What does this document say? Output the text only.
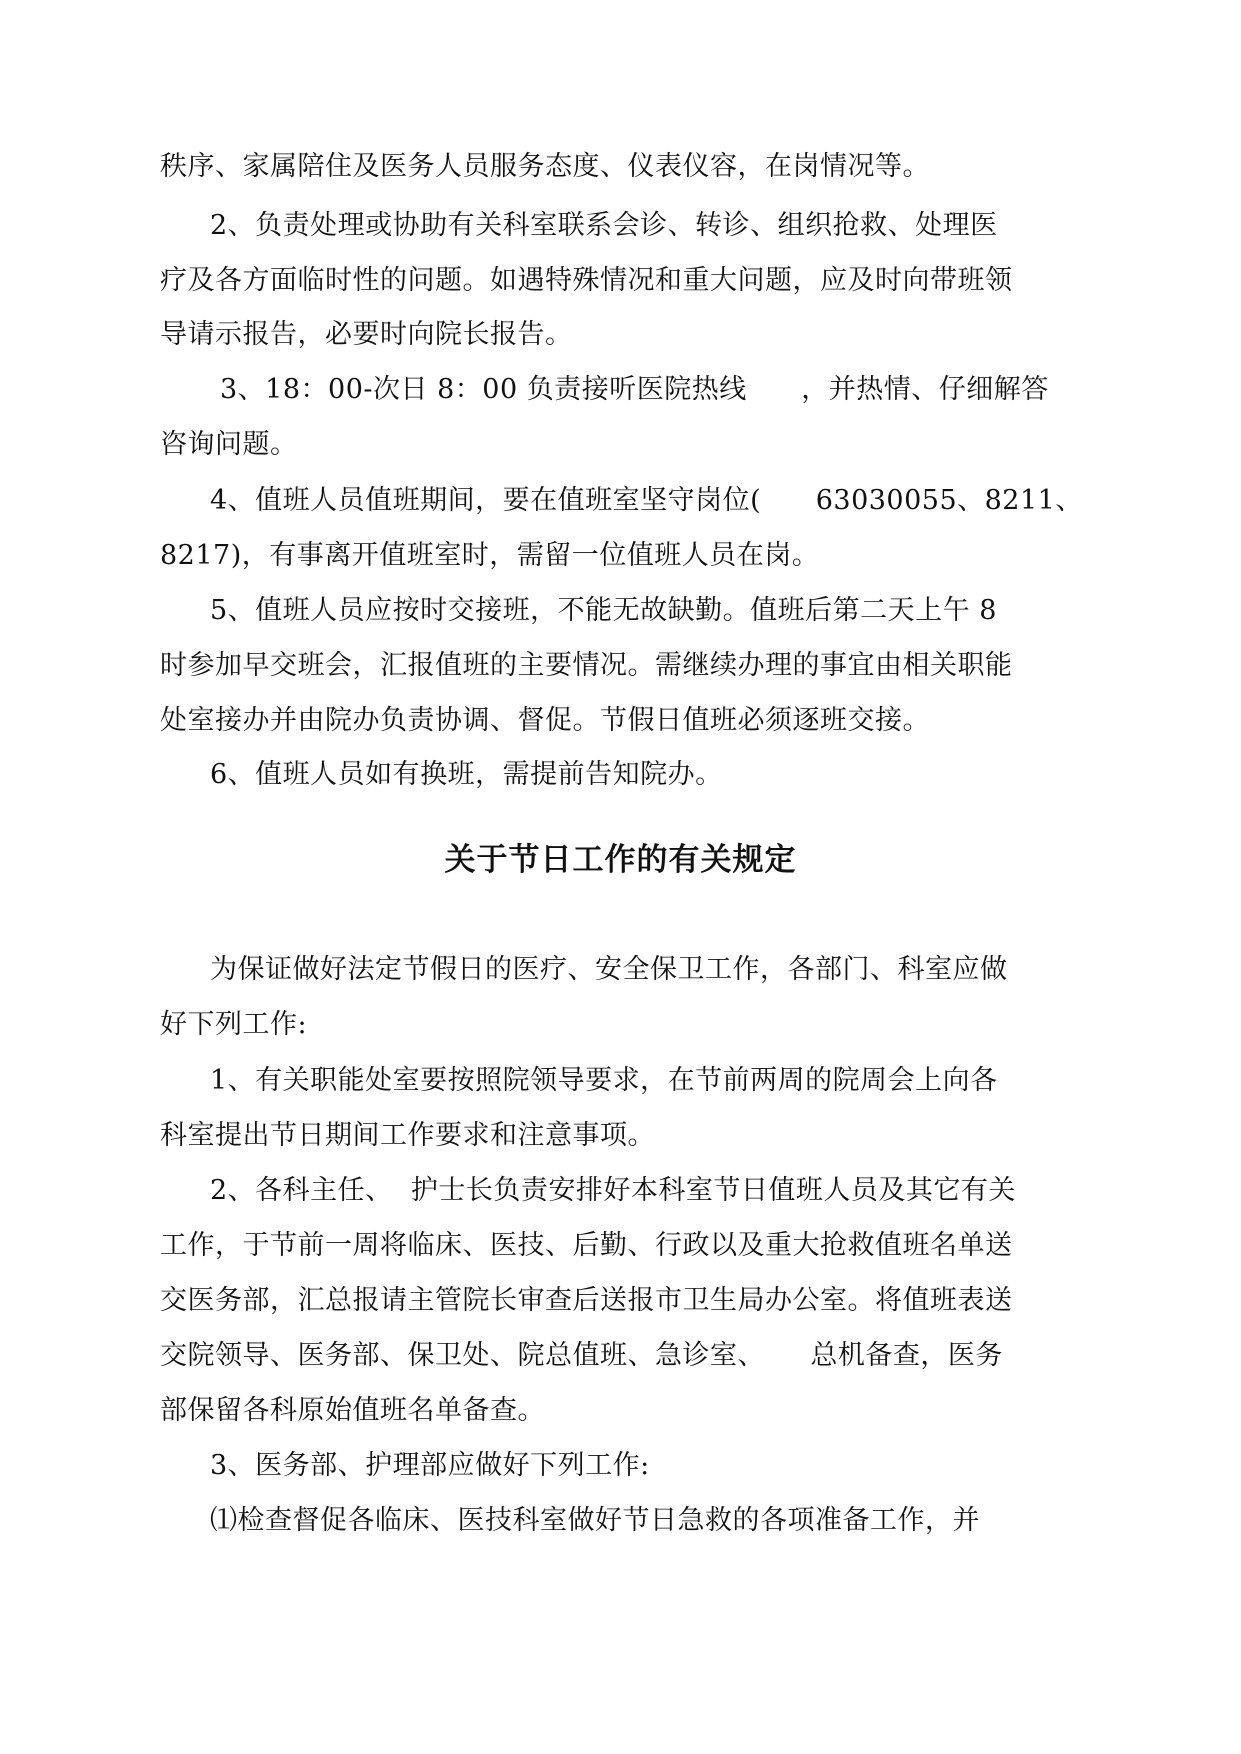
秩序、家属陪住及医务人员服务态度、仪表仪容，在岗情况等。
2、负责处理或协助有关科室联系会诊、转诊、组织抢救、处理医
疗及各方面临时性的问题。如遇特殊情况和重大问题，应及时向带班领
导请示报告，必要时向院长报告。
3、18：00-次日 8：00 负责接听医院热线      ，并热情、仔细解答
咨询问题。
4、值班人员值班期间，要在值班室坚守岗位(      63030055、8211、
8217)，有事离开值班室时，需留一位值班人员在岗。
5、值班人员应按时交接班，不能无故缺勤。值班后第二天上午 8
时参加早交班会，汇报值班的主要情况。需继续办理的事宜由相关职能
处室接办并由院办负责协调、督促。节假日值班必须逐班交接。
6、值班人员如有换班，需提前告知院办。
关于节日工作的有关规定
为保证做好法定节假日的医疗、安全保卫工作，各部门、科室应做
好下列工作:
1、有关职能处室要按照院领导要求，在节前两周的院周会上向各
科室提出节日期间工作要求和注意事项。
2、各科主任、  护士长负责安排好本科室节日值班人员及其它有关
工作，于节前一周将临床、医技、后勤、行政以及重大抢救值班名单送
交医务部，汇总报请主管院长审查后送报市卫生局办公室。将值班表送
交院领导、医务部、保卫处、院总值班、急诊室、     总机备查，医务
部保留各科原始值班名单备查。
3、医务部、护理部应做好下列工作:
⑴检查督促各临床、医技科室做好节日急救的各项准备工作，并
